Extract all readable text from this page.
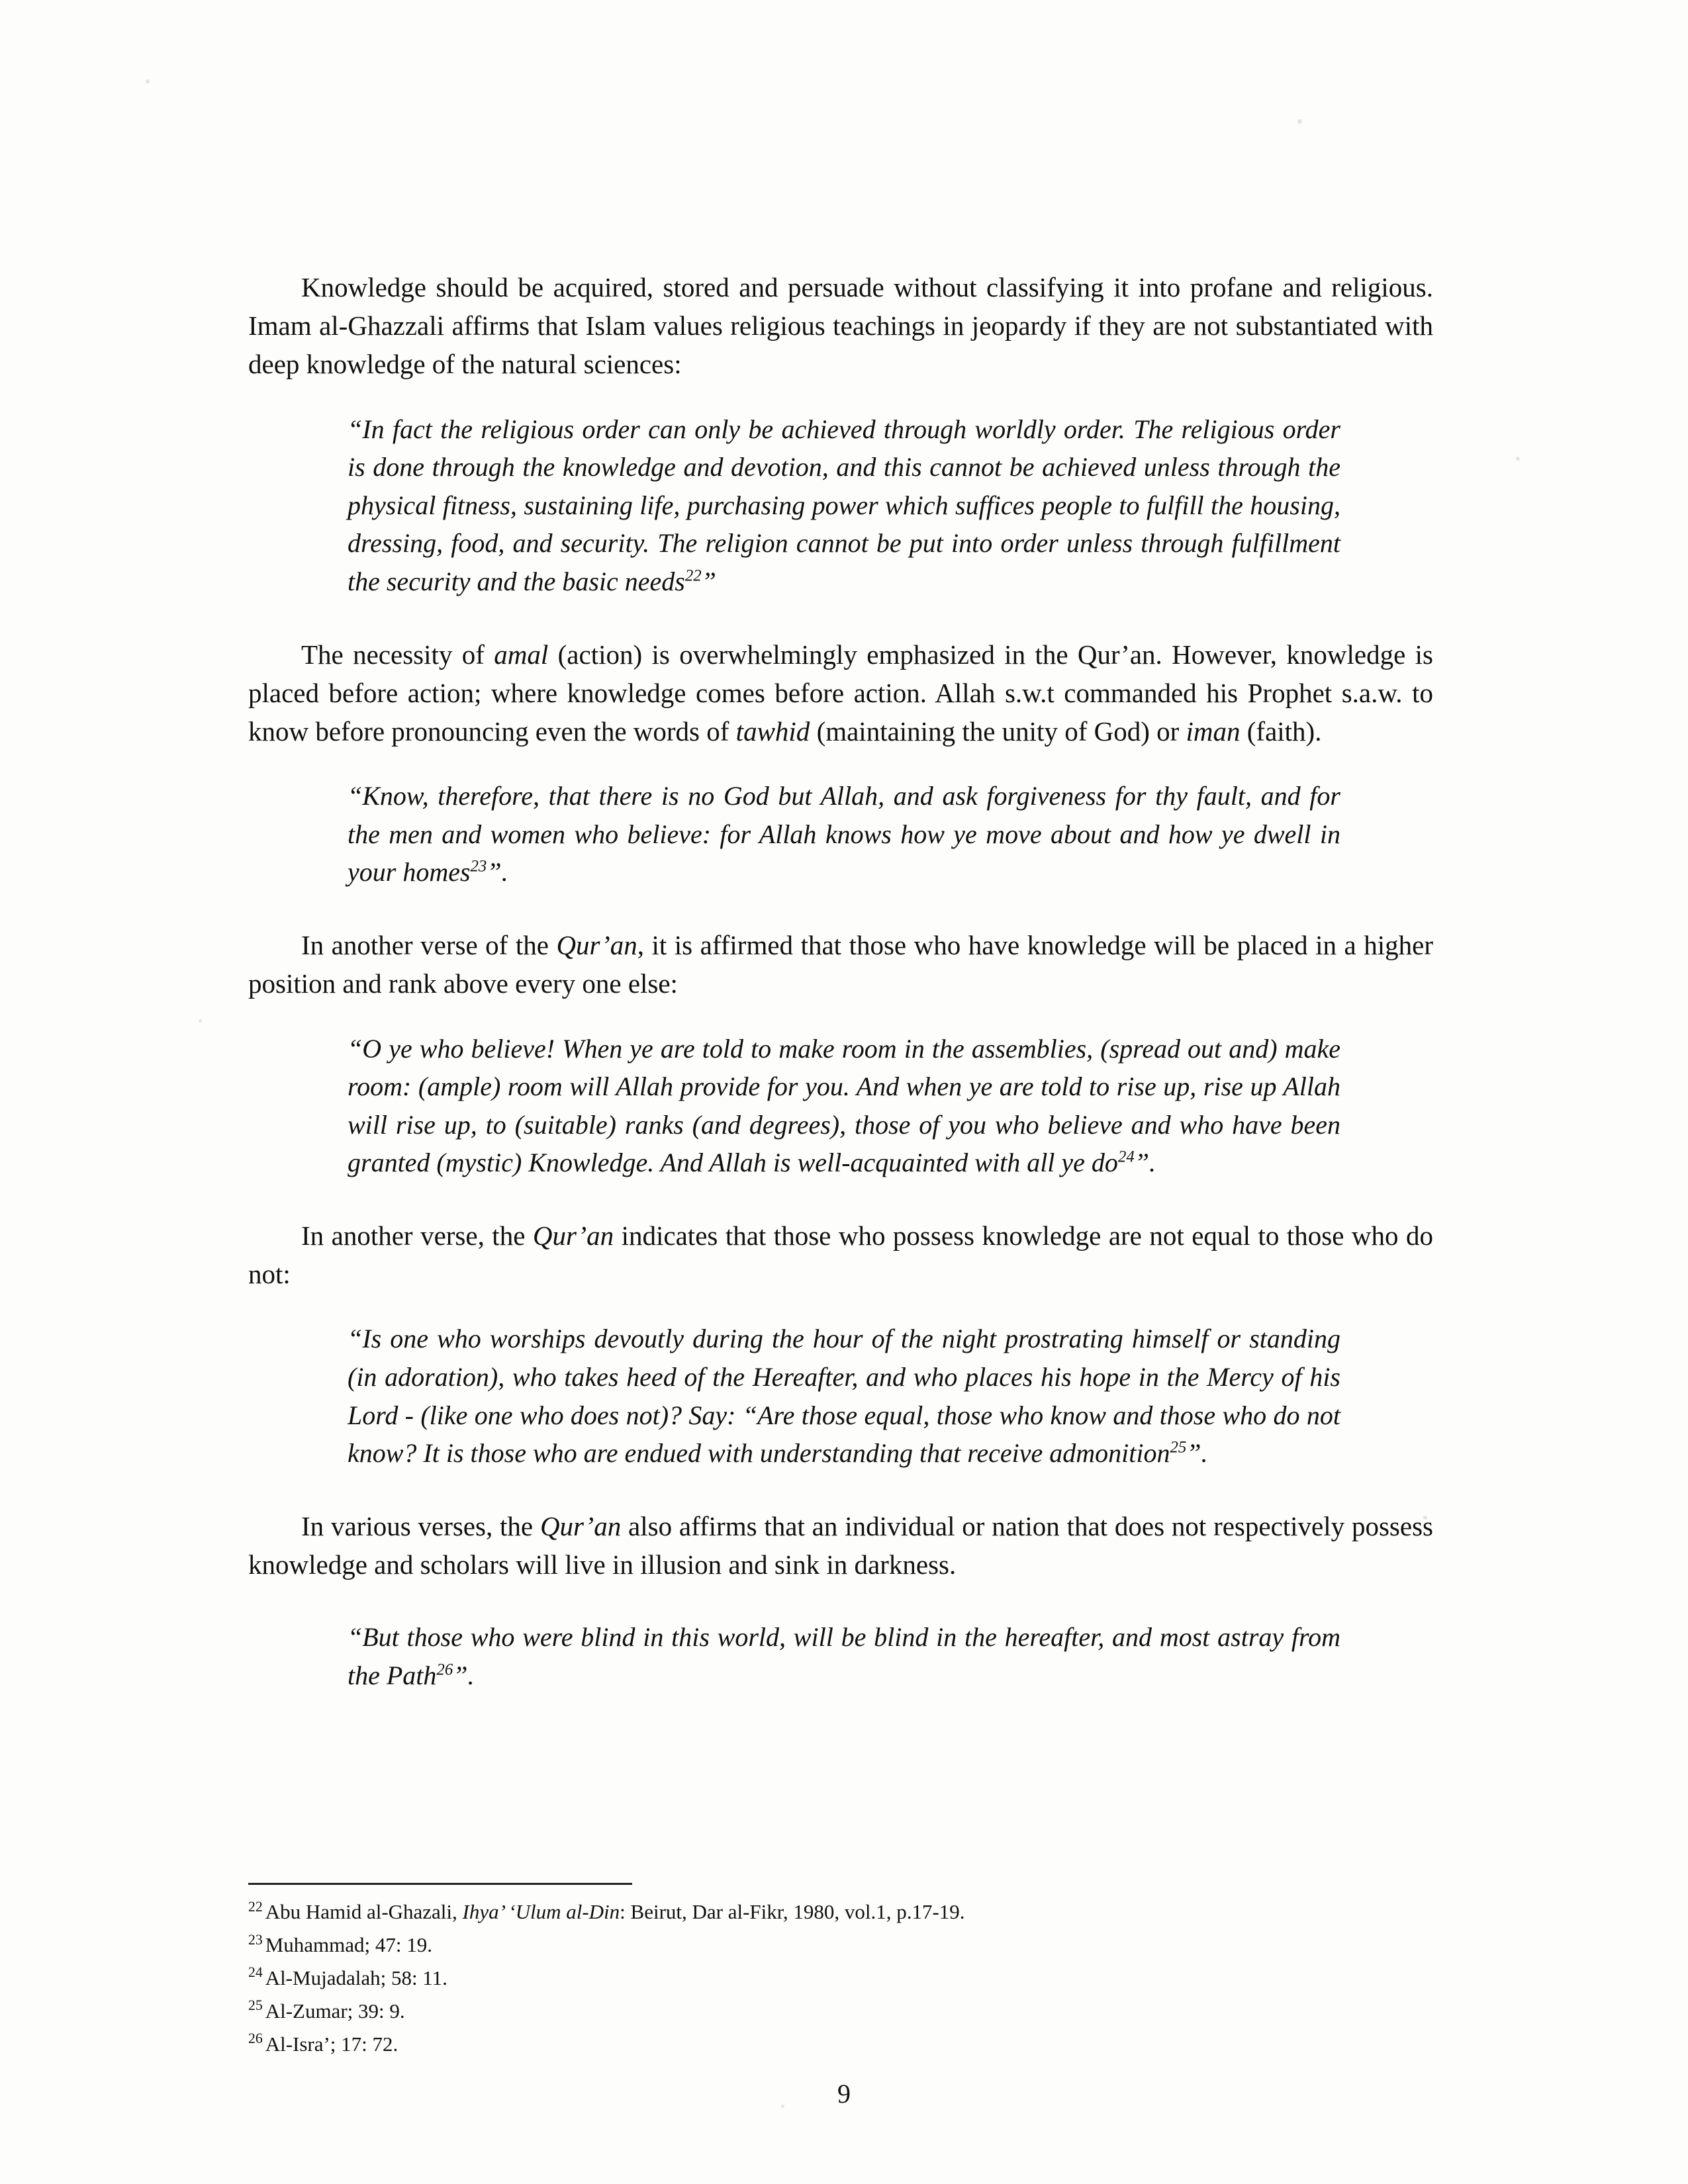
Knowledge should be acquired, stored and persuade without classifying it into profane and religious. Imam al-Ghazzali affirms that Islam values religious teachings in jeopardy if they are not substantiated with deep knowledge of the natural sciences:

“In fact the religious order can only be achieved through worldly order. The religious order is done through the knowledge and devotion, and this cannot be achieved unless through the physical fitness, sustaining life, purchasing power which suffices people to fulfill the housing, dressing, food, and security. The religion cannot be put into order unless through fulfillment the security and the basic needs$^{22}$”

The necessity of amal (action) is overwhelmingly emphasized in the Qur’an. However, knowledge is placed before action; where knowledge comes before action. Allah s.w.t commanded his Prophet s.a.w. to know before pronouncing even the words of tawhid (maintaining the unity of God) or iman (faith).

“Know, therefore, that there is no God but Allah, and ask forgiveness for thy fault, and for the men and women who believe: for Allah knows how ye move about and how ye dwell in your homes$^{23}$”.

In another verse of the Qur’an, it is affirmed that those who have knowledge will be placed in a higher position and rank above every one else:

“O ye who believe! When ye are told to make room in the assemblies, (spread out and) make room: (ample) room will Allah provide for you. And when ye are told to rise up, rise up Allah will rise up, to (suitable) ranks (and degrees), those of you who believe and who have been granted (mystic) Knowledge. And Allah is well-acquainted with all ye $do^{24}$”.

In another verse, the Qur’an indicates that those who possess knowledge are not equal to those who do not:

“Is one who worships devoutly during the hour of the night prostrating himself or standing (in adoration), who takes heed of the Hereafter, and who places his hope in the Mercy of his Lord - (like one who does not)? Say: “Are those equal, those who know and those who do not know? It is those who are endued with understanding that receive admonition$^{25}$”.

In various verses, the Qur’an also affirms that an individual or nation that does not respectively possess knowledge and scholars will live in illusion and sink in darkness.

“But those who were blind in this world, will be blind in the hereafter, and most astray from the Path$^{26}$”.

$^{22}$ Abu Hamid al-Ghazali, Ihya’ ‘Ulum al-Din: Beirut, Dar al-Fikr, 1980, vol.1, p.17-19.

$^{23}$ Muhammad; 47: 19.

$^{24}$ Al-Mujadalah; 58: 11.

$^{25}$ Al-Zumar; 39: 9.

$^{26}$ Al-Isra’; 17: 72.

9
